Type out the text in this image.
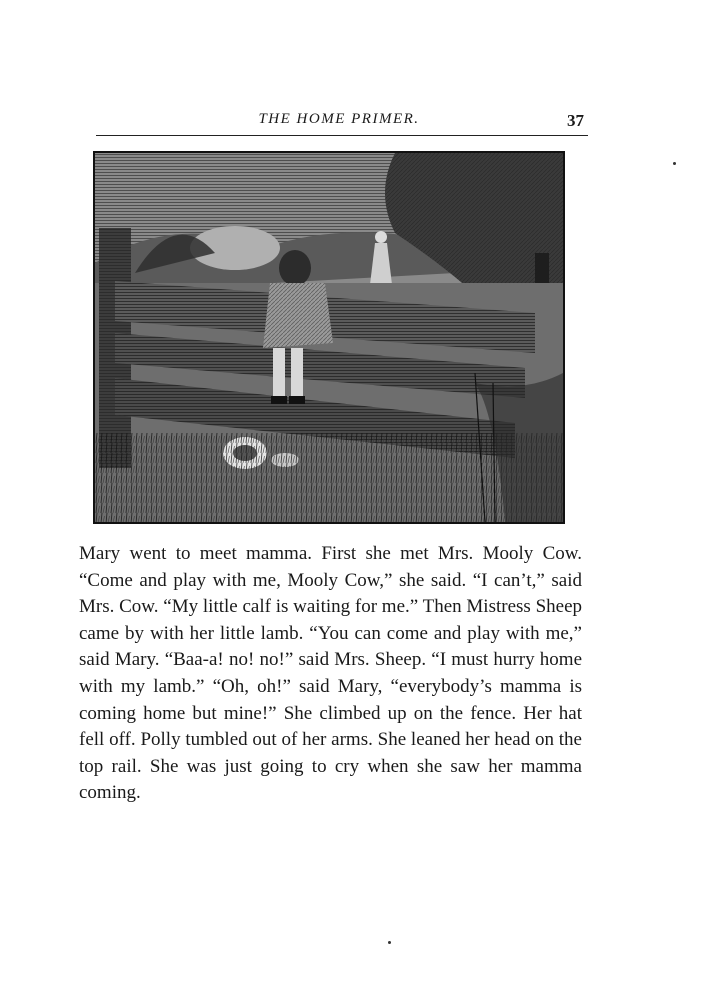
THE HOME PRIMER.	37

Mary went to meet mamma. First she met Mrs. Mooly Cow. “Come and play with me, Mooly Cow,” she said. “I can’t,” said Mrs. Cow. “My little calf is waiting for me.” Then Mistress Sheep came by with her little lamb. “You can come and play with me,” said Mary. “Baa-a! no! no!” said Mrs. Sheep. “I must hurry home with my lamb.” “Oh, oh!” said Mary, “everybody’s mamma is coming home but mine!” She climbed up on the fence. Her hat fell off. Polly tumbled out of her arms. She leaned her head on the top rail. She was just going to cry when she saw her mamma coming.
